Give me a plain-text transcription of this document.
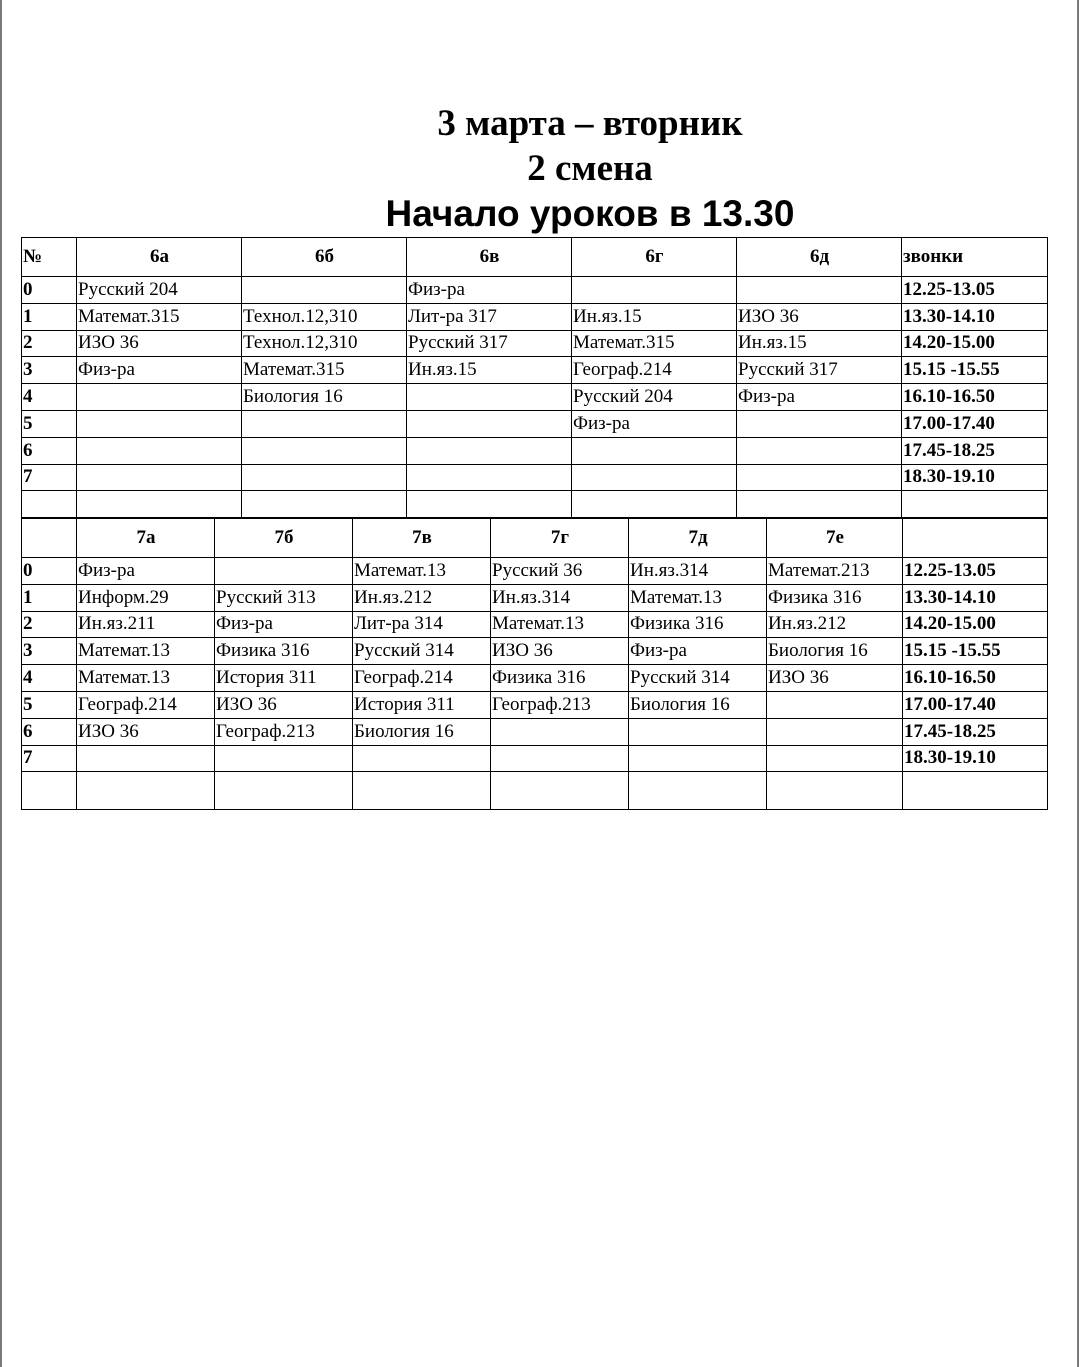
3 марта – вторник
2 смена
Начало уроков в 13.30
№	6а	6б	6в	6г	6д	звонки
0	Русский 204		Физ-ра			12.25-13.05
1	Математ.315	Технол.12,310	Лит-ра 317	Ин.яз.15	ИЗО 36	13.30-14.10
2	ИЗО 36	Технол.12,310	Русский 317	Математ.315	Ин.яз.15	14.20-15.00
3	Физ-ра	Математ.315	Ин.яз.15	Географ.214	Русский 317	15.15 -15.55
4		Биология 16		Русский 204	Физ-ра	16.10-16.50
5				Физ-ра		17.00-17.40
6						17.45-18.25
7						18.30-19.10

	7а	7б	7в	7г	7д	7е	
0	Физ-ра		Математ.13	Русский 36	Ин.яз.314	Математ.213	12.25-13.05
1	Информ.29	Русский 313	Ин.яз.212	Ин.яз.314	Математ.13	Физика 316	13.30-14.10
2	Ин.яз.211	Физ-ра	Лит-ра 314	Математ.13	Физика 316	Ин.яз.212	14.20-15.00
3	Математ.13	Физика 316	Русский 314	ИЗО 36	Физ-ра	Биология 16	15.15 -15.55
4	Математ.13	История 311	Географ.214	Физика 316	Русский 314	ИЗО 36	16.10-16.50
5	Географ.214	ИЗО 36	История 311	Географ.213	Биология 16		17.00-17.40
6	ИЗО 36	Географ.213	Биология 16				17.45-18.25
7							18.30-19.10
